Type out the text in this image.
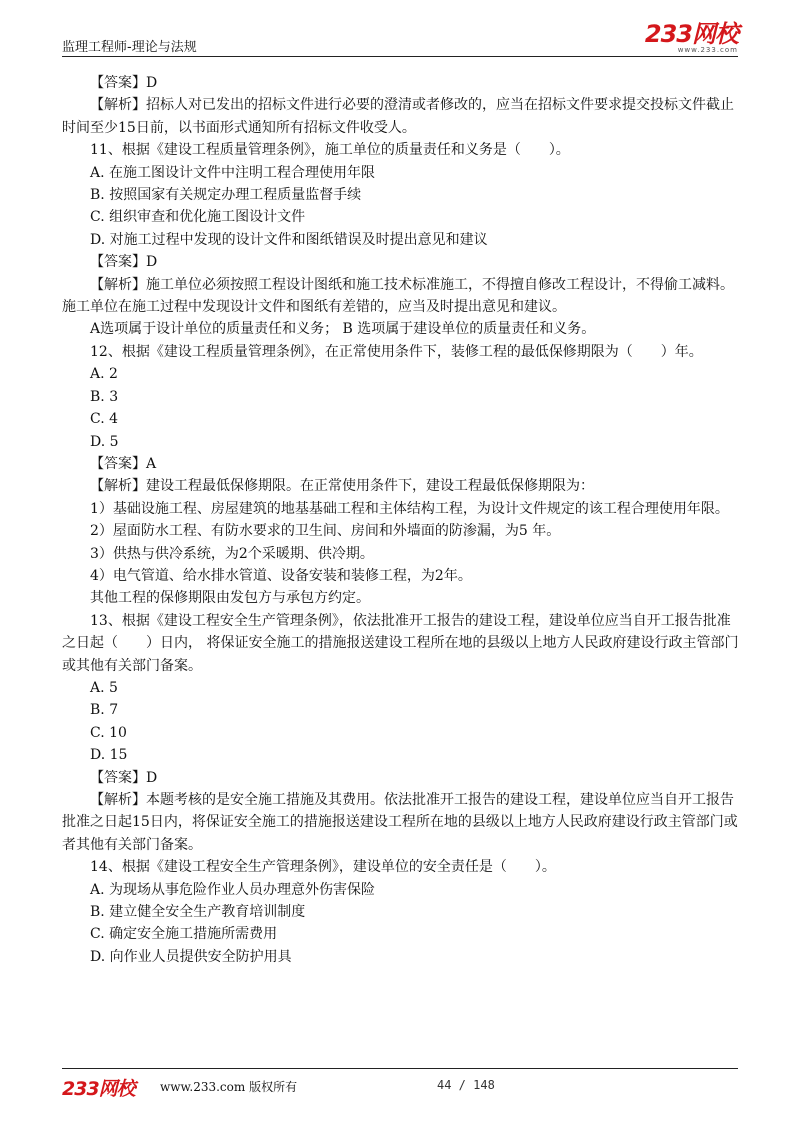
监理工程师-理论与法规	233网校
www.233.com
【答案】D
【解析】招标人对已发出的招标文件进行必要的澄清或者修改的，应当在招标文件要求提交投标文件截止时间至少15日前，以书面形式通知所有招标文件收受人。
11、根据《建设工程质量管理条例》，施工单位的质量责任和义务是（　　）。
A. 在施工图设计文件中注明工程合理使用年限
B. 按照国家有关规定办理工程质量监督手续
C. 组织审查和优化施工图设计文件
D. 对施工过程中发现的设计文件和图纸错误及时提出意见和建议
【答案】D
【解析】施工单位必须按照工程设计图纸和施工技术标准施工，不得擅自修改工程设计，不得偷工减料。施工单位在施工过程中发现设计文件和图纸有差错的，应当及时提出意见和建议。
A选项属于设计单位的质量责任和义务； B 选项属于建设单位的质量责任和义务。
12、根据《建设工程质量管理条例》，在正常使用条件下，装修工程的最低保修期限为（　　）年。
A. 2
B. 3
C. 4
D. 5
【答案】A
【解析】建设工程最低保修期限。在正常使用条件下，建设工程最低保修期限为：
1）基础设施工程、房屋建筑的地基基础工程和主体结构工程，为设计文件规定的该工程合理使用年限。
2）屋面防水工程、有防水要求的卫生间、房间和外墙面的防渗漏，为5 年。
3）供热与供冷系统，为2个采暖期、供冷期。
4）电气管道、给水排水管道、设备安装和装修工程，为2年。
其他工程的保修期限由发包方与承包方约定。
13、根据《建设工程安全生产管理条例》，依法批准开工报告的建设工程，建设单位应当自开工报告批准之日起（　　）日内， 将保证安全施工的措施报送建设工程所在地的县级以上地方人民政府建设行政主管部门或其他有关部门备案。
A. 5
B. 7
C. 10
D. 15
【答案】D
【解析】本题考核的是安全施工措施及其费用。依法批准开工报告的建设工程，建设单位应当自开工报告批准之日起15日内，将保证安全施工的措施报送建设工程所在地的县级以上地方人民政府建设行政主管部门或者其他有关部门备案。
14、根据《建设工程安全生产管理条例》，建设单位的安全责任是（　　）。
A. 为现场从事危险作业人员办理意外伤害保险
B. 建立健全安全生产教育培训制度
C. 确定安全施工措施所需费用
D. 向作业人员提供安全防护用具
233网校 www.233.com 版权所有	44 / 148
